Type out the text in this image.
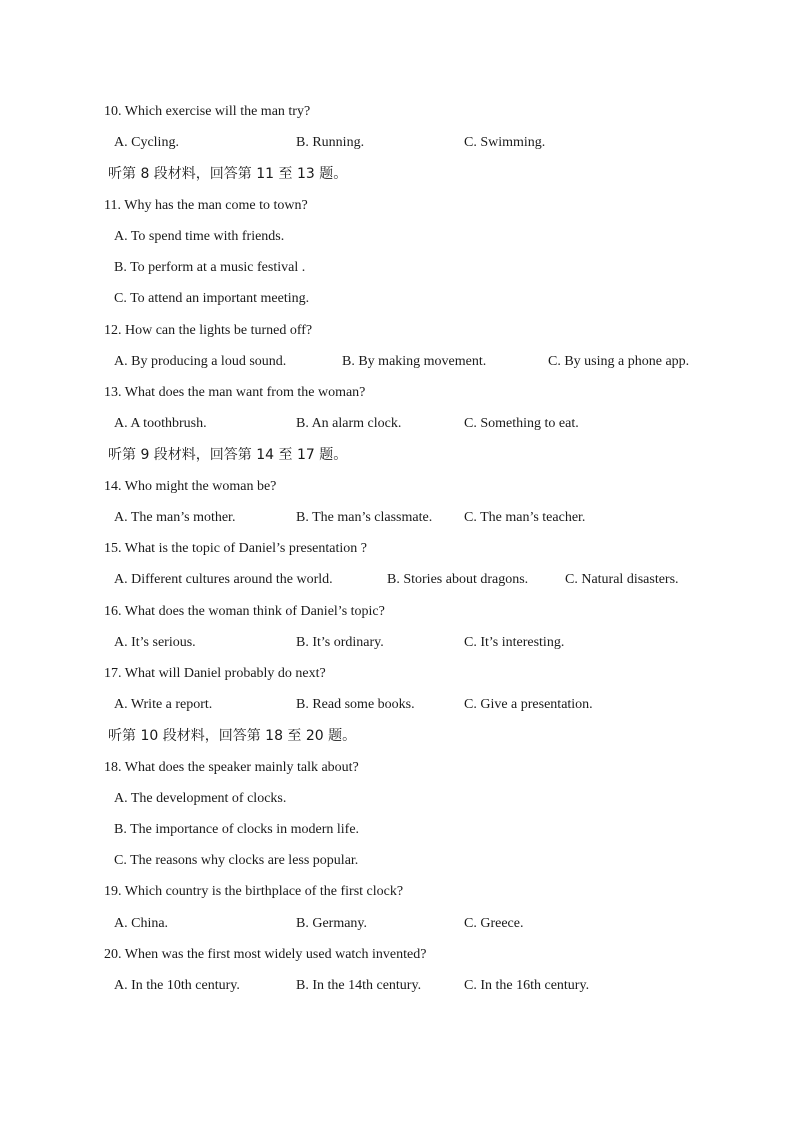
10. Which exercise will the man try?
A. Cycling.	B. Running.	C. Swimming.
听第 8 段材料，回答第 11 至 13 题。
11. Why has the man come to town?
A. To spend time with friends.
B. To perform at a music festival .
C. To attend an important meeting.
12. How can the lights be turned off?
A. By producing a loud sound.	B. By making movement.	C. By using a phone app.
13. What does the man want from the woman?
A. A toothbrush.	B. An alarm clock.	C. Something to eat.
听第 9 段材料，回答第 14 至 17 题。
14. Who might the woman be?
A. The man’s mother.	B. The man’s classmate. C. The man’s teacher.
15. What is the topic of Daniel’s presentation ?
A. Different cultures around the world.	B. Stories about dragons.	C. Natural disasters.
16. What does the woman think of Daniel’s topic?
A. It’s serious.	B. It’s ordinary.	C. It’s interesting.
17. What will Daniel probably do next?
A. Write a report.	B. Read some books.	C. Give a presentation.
听第 10 段材料，回答第 18 至 20 题。
18. What does the speaker mainly talk about?
A. The development of clocks.
B. The importance of clocks in modern life.
C. The reasons why clocks are less popular.
19. Which country is the birthplace of the first clock?
A. China.	B. Germany.	C. Greece.
20. When was the first most widely used watch invented?
A. In the 10th century.	B. In the 14th century.	C. In the 16th century.
